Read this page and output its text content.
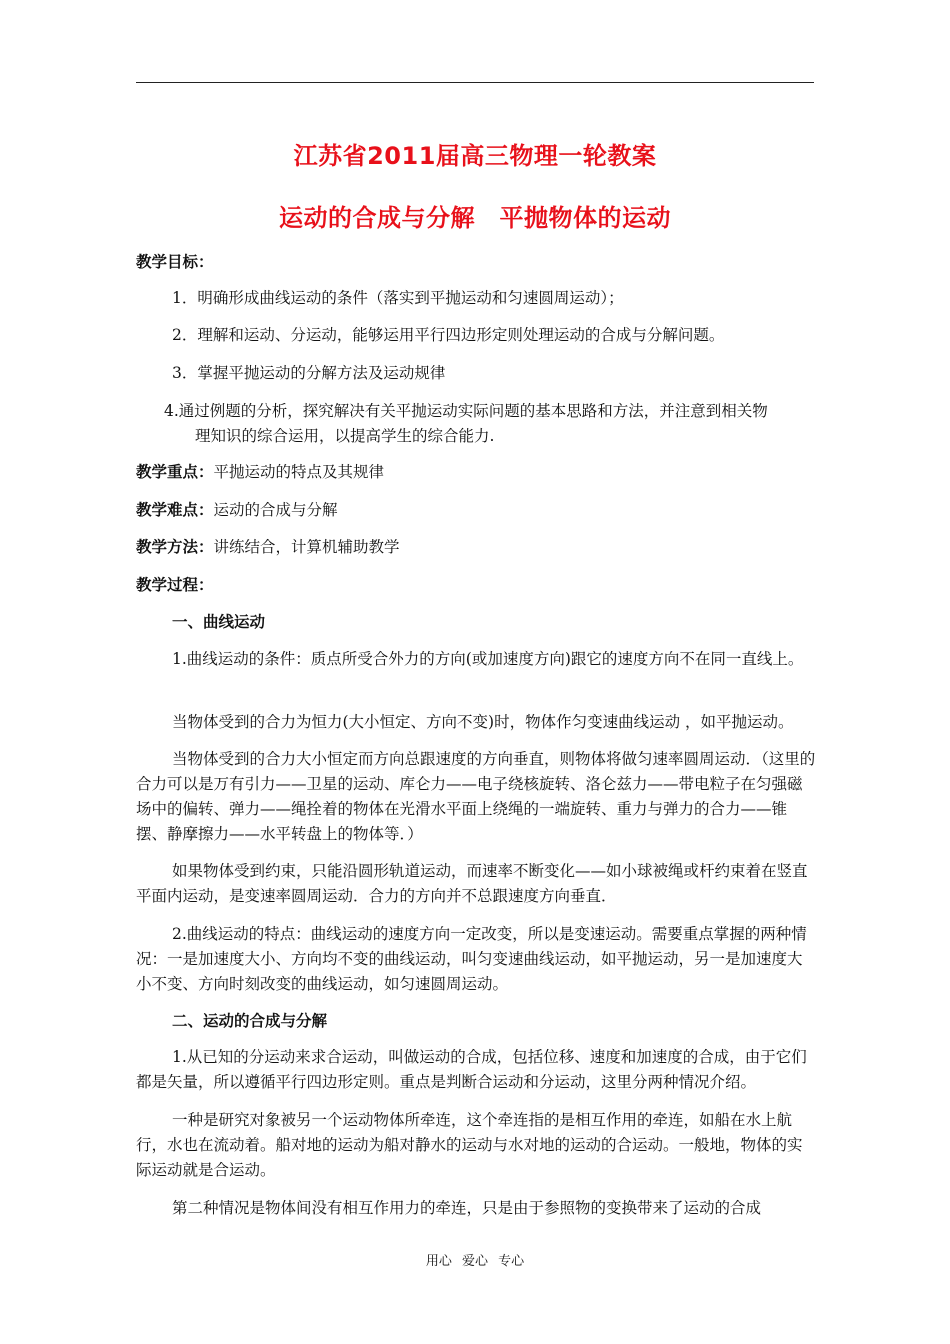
江苏省2011届高三物理一轮教案
运动的合成与分解　平抛物体的运动
教学目标：
1．明确形成曲线运动的条件（落实到平抛运动和匀速圆周运动）；
2．理解和运动、分运动，能够运用平行四边形定则处理运动的合成与分解问题。
3．掌握平抛运动的分解方法及运动规律
4.通过例题的分析，探究解决有关平抛运动实际问题的基本思路和方法，并注意到相关物
理知识的综合运用，以提高学生的综合能力.
教学重点：平抛运动的特点及其规律
教学难点：运动的合成与分解
教学方法：讲练结合，计算机辅助教学
教学过程：
一、曲线运动
1.曲线运动的条件：质点所受合外力的方向(或加速度方向)跟它的速度方向不在同一直线上。
当物体受到的合力为恒力(大小恒定、方向不变)时，物体作匀变速曲线运动 ，如平抛运动。
当物体受到的合力大小恒定而方向总跟速度的方向垂直，则物体将做匀速率圆周运动．（这里的合力可以是万有引力——卫星的运动、库仑力——电子绕核旋转、洛仑兹力——带电粒子在匀强磁场中的偏转、弹力——绳拴着的物体在光滑水平面上绕绳的一端旋转、重力与弹力的合力——锥摆、静摩擦力——水平转盘上的物体等．）
如果物体受到约束，只能沿圆形轨道运动，而速率不断变化——如小球被绳或杆约束着在竖直平面内运动，是变速率圆周运动．合力的方向并不总跟速度方向垂直．
2.曲线运动的特点：曲线运动的速度方向一定改变，所以是变速运动。需要重点掌握的两种情况：一是加速度大小、方向均不变的曲线运动，叫匀变速曲线运动，如平抛运动，另一是加速度大小不变、方向时刻改变的曲线运动，如匀速圆周运动。
二、运动的合成与分解
1.从已知的分运动来求合运动，叫做运动的合成，包括位移、速度和加速度的合成，由于它们都是矢量，所以遵循平行四边形定则。重点是判断合运动和分运动，这里分两种情况介绍。
一种是研究对象被另一个运动物体所牵连，这个牵连指的是相互作用的牵连，如船在水上航行，水也在流动着。船对地的运动为船对静水的运动与水对地的运动的合运动。一般地，物体的实际运动就是合运动。
第二种情况是物体间没有相互作用力的牵连，只是由于参照物的变换带来了运动的合成
用心 爱心 专心
